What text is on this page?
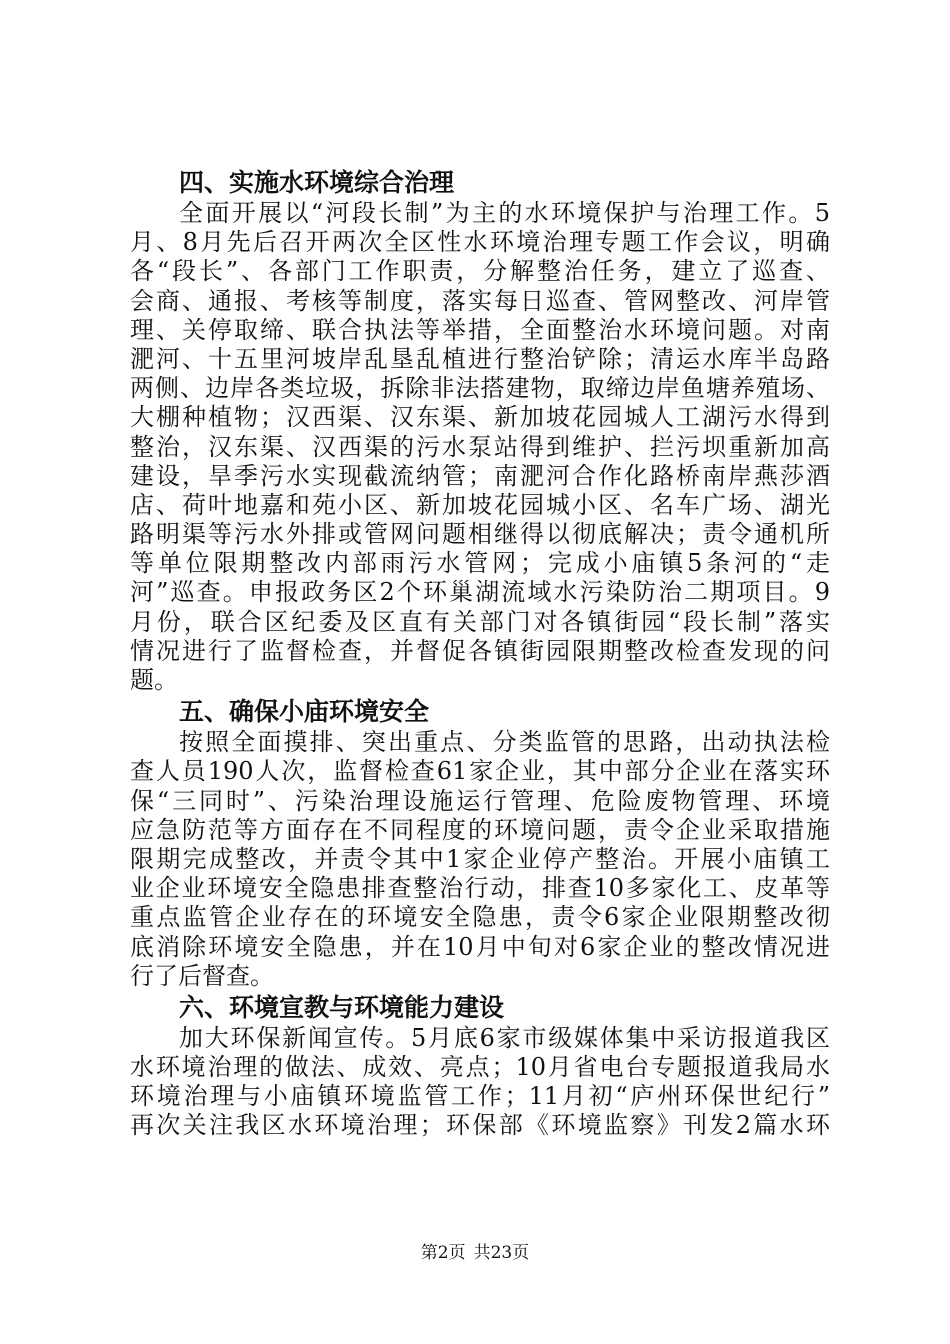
四、实施水环境综合治理
全面开展以“河段长制”为主的水环境保护与治理工作。5
月、8月先后召开两次全区性水环境治理专题工作会议，明确
各“段长”、各部门工作职责，分解整治任务，建立了巡查、
会商、通报、考核等制度，落实每日巡查、管网整改、河岸管
理、关停取缔、联合执法等举措，全面整治水环境问题。对南
淝河、十五里河坡岸乱垦乱植进行整治铲除；清运水库半岛路
两侧、边岸各类垃圾，拆除非法搭建物，取缔边岸鱼塘养殖场、
大棚种植物；汉西渠、汉东渠、新加坡花园城人工湖污水得到
整治，汉东渠、汉西渠的污水泵站得到维护、拦污坝重新加高
建设，旱季污水实现截流纳管；南淝河合作化路桥南岸燕莎酒
店、荷叶地嘉和苑小区、新加坡花园城小区、名车广场、湖光
路明渠等污水外排或管网问题相继得以彻底解决；责令通机所
等单位限期整改内部雨污水管网；完成小庙镇5条河的“走
河”巡查。申报政务区2个环巢湖流域水污染防治二期项目。9
月份，联合区纪委及区直有关部门对各镇街园“段长制”落实
情况进行了监督检查，并督促各镇街园限期整改检查发现的问
题。
五、确保小庙环境安全
按照全面摸排、突出重点、分类监管的思路，出动执法检
查人员190人次，监督检查61家企业，其中部分企业在落实环
保“三同时”、污染治理设施运行管理、危险废物管理、环境
应急防范等方面存在不同程度的环境问题，责令企业采取措施
限期完成整改，并责令其中1家企业停产整治。开展小庙镇工
业企业环境安全隐患排查整治行动，排查10多家化工、皮革等
重点监管企业存在的环境安全隐患，责令6家企业限期整改彻
底消除环境安全隐患，并在10月中旬对6家企业的整改情况进
行了后督查。
六、环境宣教与环境能力建设
加大环保新闻宣传。5月底6家市级媒体集中采访报道我区
水环境治理的做法、成效、亮点；10月省电台专题报道我局水
环境治理与小庙镇环境监管工作；11月初“庐州环保世纪行”
再次关注我区水环境治理；环保部《环境监察》刊发2篇水环
第2页 共23页
